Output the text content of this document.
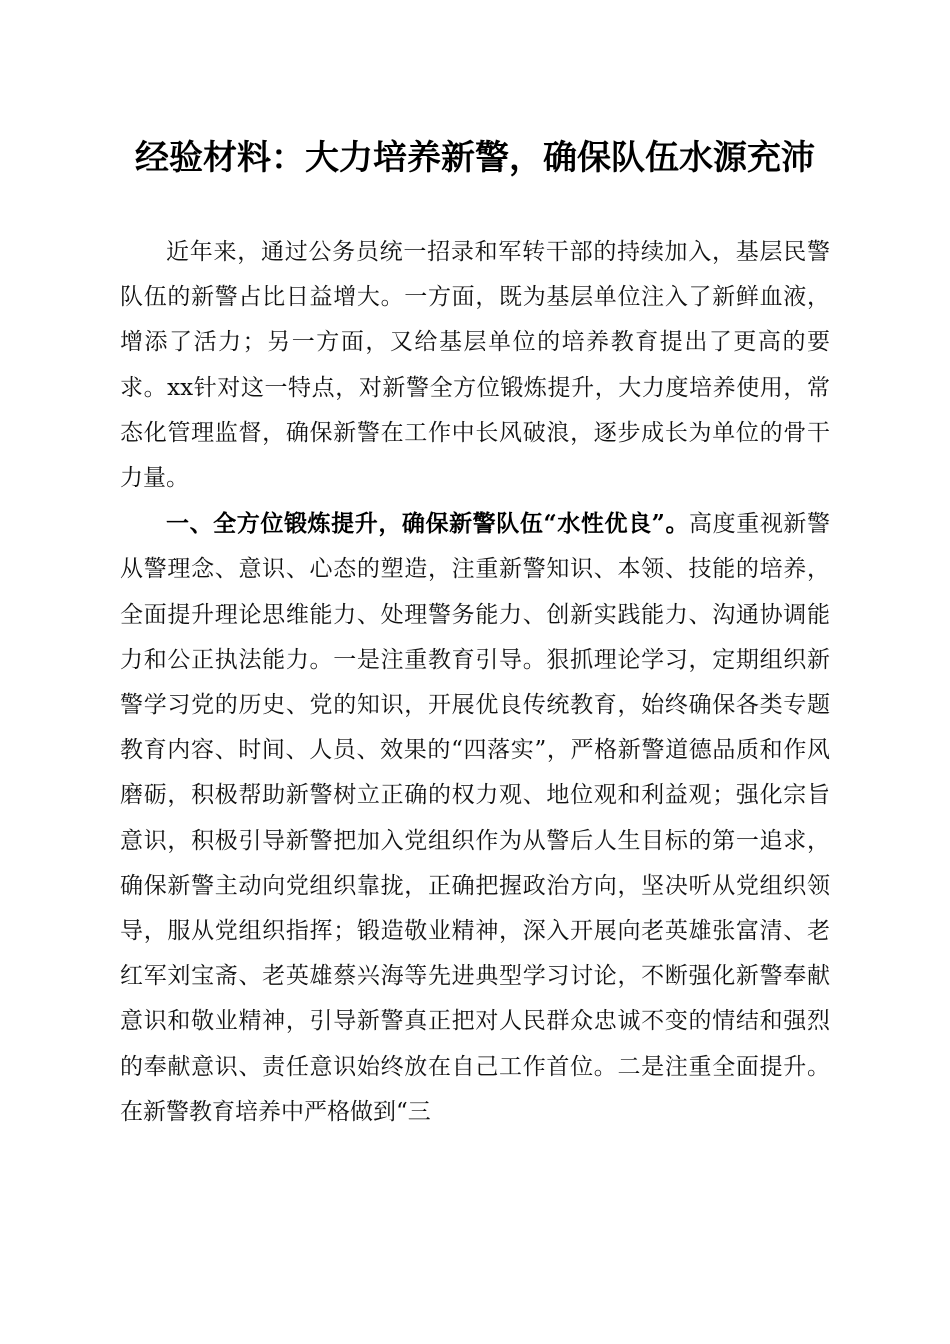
经验材料：大力培养新警，确保队伍水源充沛

近年来，通过公务员统一招录和军转干部的持续加入，基层民警队伍的新警占比日益增大。一方面，既为基层单位注入了新鲜血液，增添了活力；另一方面，又给基层单位的培养教育提出了更高的要求。xx针对这一特点，对新警全方位锻炼提升，大力度培养使用，常态化管理监督，确保新警在工作中长风破浪，逐步成长为单位的骨干力量。

一、全方位锻炼提升，确保新警队伍“水性优良”。高度重视新警从警理念、意识、心态的塑造，注重新警知识、本领、技能的培养，全面提升理论思维能力、处理警务能力、创新实践能力、沟通协调能力和公正执法能力。一是注重教育引导。狠抓理论学习，定期组织新警学习党的历史、党的知识，开展优良传统教育，始终确保各类专题教育内容、时间、人员、效果的“四落实”，严格新警道德品质和作风磨砺，积极帮助新警树立正确的权力观、地位观和利益观；强化宗旨意识，积极引导新警把加入党组织作为从警后人生目标的第一追求，确保新警主动向党组织靠拢，正确把握政治方向，坚决听从党组织领导，服从党组织指挥；锻造敬业精神，深入开展向老英雄张富清、老红军刘宝斋、老英雄蔡兴海等先进典型学习讨论，不断强化新警奉献意识和敬业精神，引导新警真正把对人民群众忠诚不变的情结和强烈的奉献意识、责任意识始终放在自己工作首位。二是注重全面提升。在新警教育培养中严格做到“三
